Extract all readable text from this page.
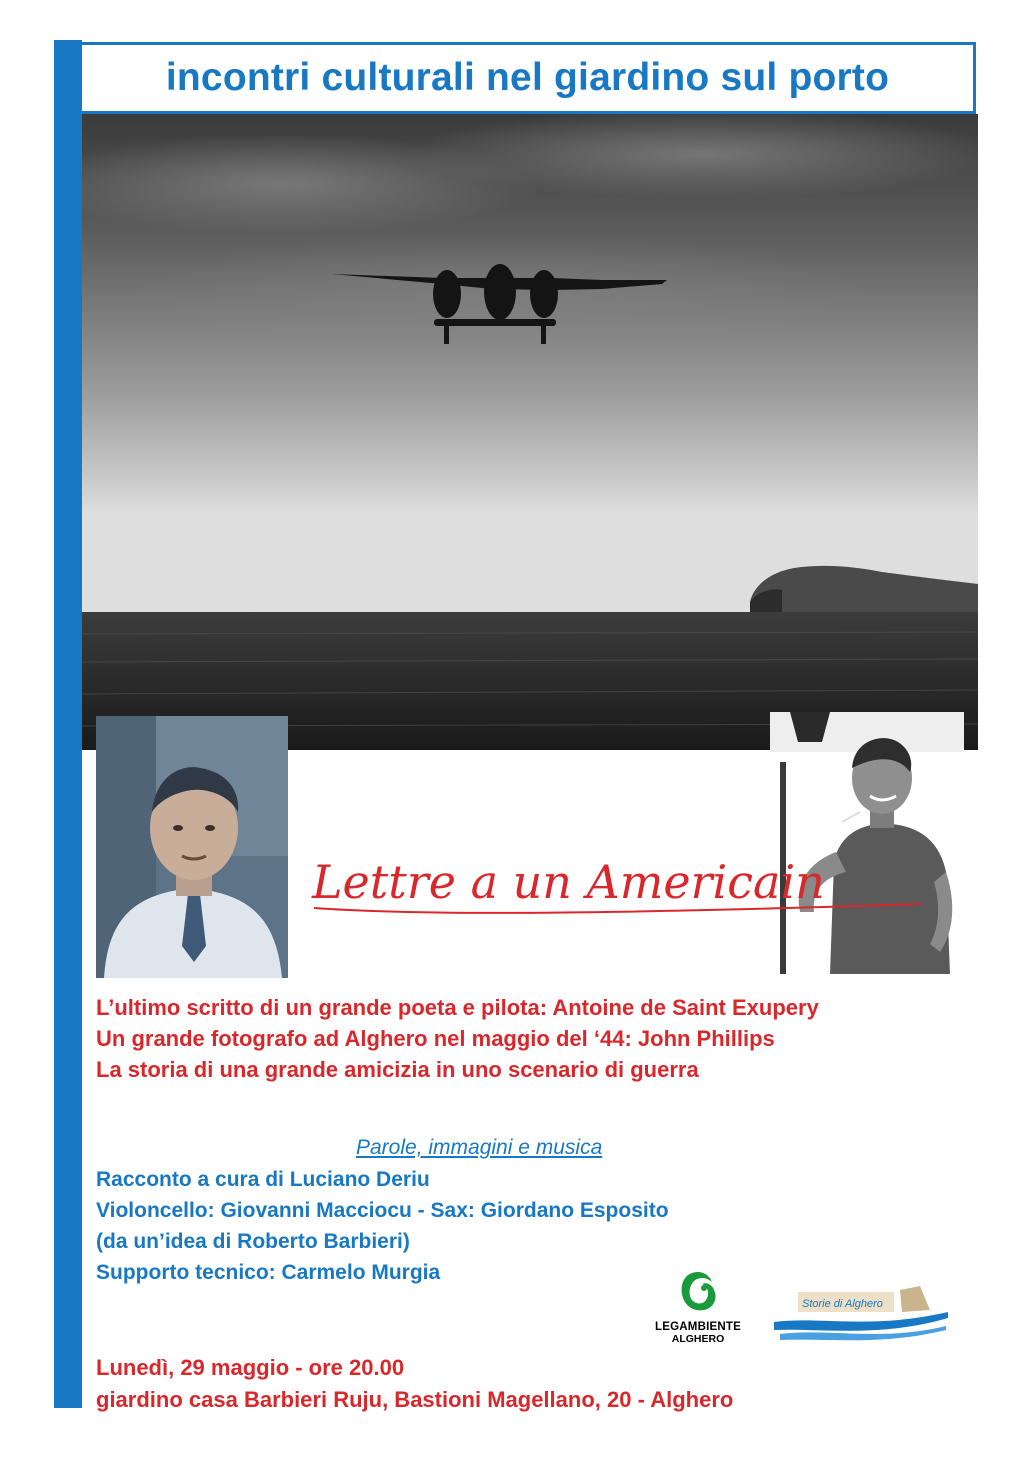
incontri culturali nel giardino sul porto
Lettre a un Americain
L’ultimo scritto di un grande poeta e pilota: Antoine de Saint Exupery
Un grande fotografo ad Alghero nel maggio del ‘44: John Phillips
La storia di una grande amicizia in uno scenario di guerra
Parole, immagini e musica
Racconto a cura di Luciano Deriu
Violoncello: Giovanni Macciocu - Sax: Giordano Esposito
(da un’idea di Roberto Barbieri)
Supporto tecnico: Carmelo Murgia
LEGAMBIENTE
ALGHERO
Storie di Alghero
Lunedì, 29 maggio - ore 20.00
giardino casa Barbieri Ruju, Bastioni Magellano, 20 - Alghero
